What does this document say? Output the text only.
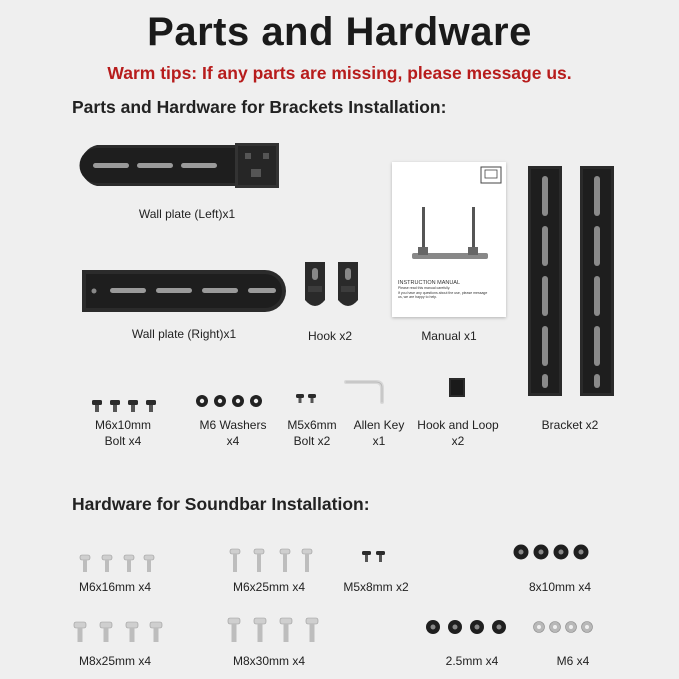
Parts and Hardware
Warm tips: If any parts are missing, please message us.
Parts and Hardware for Brackets Installation:
Wall plate (Left)x1
Wall plate (Right)x1	Hook x2
INSTRUCTION MANUAL
Please read this manual carefully.
If you have any questions about the use, please message
us, we are happy to help.
Manual x1
Bracket x2
M6x10mm
Bolt x4
M6 Washers
x4
M5x6mm
Bolt x2
Allen Key
x1
Hook and Loop
x2
Hardware for Soundbar Installation:
M6x16mm x4	M6x25mm x4	M5x8mm x2	8x10mm x4
M8x25mm x4	M8x30mm x4	2.5mm x4	M6 x4
